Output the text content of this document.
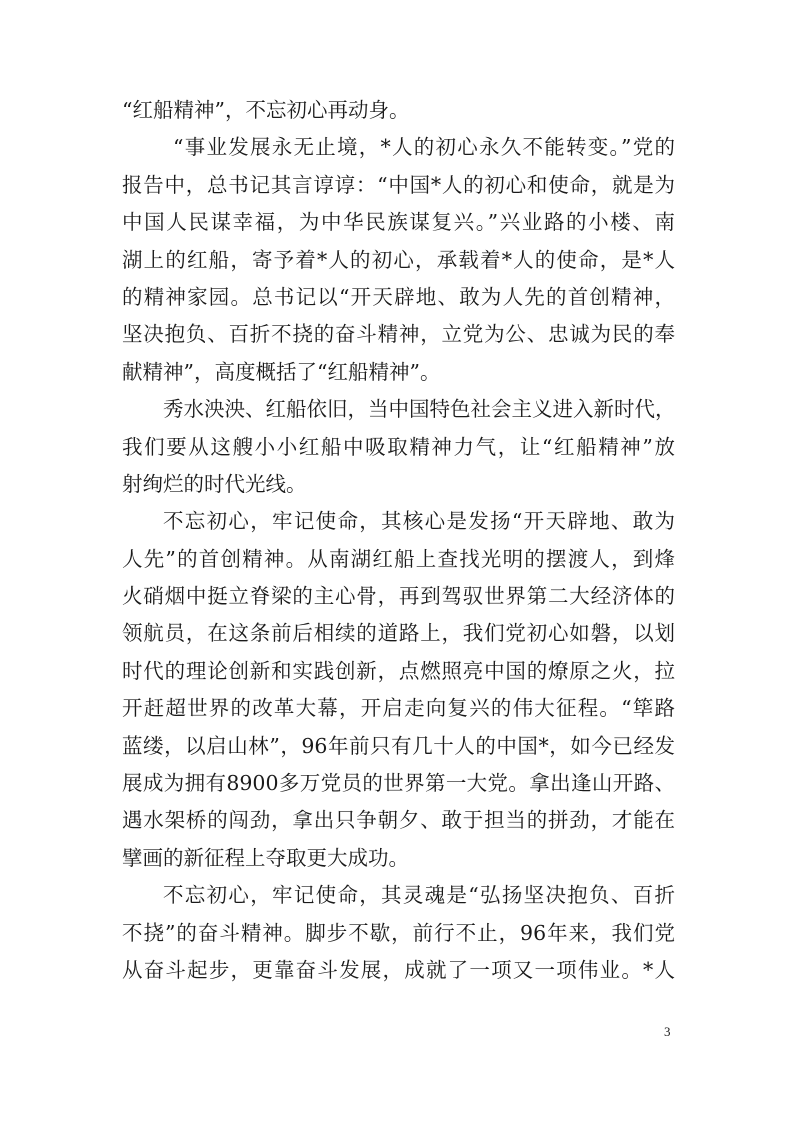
“红船精神”，不忘初心再动身。
“事业发展永无止境，*人的初心永久不能转变。”党的
报告中，总书记其言谆谆：“中国*人的初心和使命，就是为
中国人民谋幸福，为中华民族谋复兴。”兴业路的小楼、南
湖上的红船，寄予着*人的初心，承载着*人的使命，是*人
的精神家园。总书记以“开天辟地、敢为人先的首创精神，
坚决抱负、百折不挠的奋斗精神，立党为公、忠诚为民的奉
献精神”，高度概括了“红船精神”。
秀水泱泱、红船依旧，当中国特色社会主义进入新时代，
我们要从这艘小小红船中吸取精神力气，让“红船精神”放
射绚烂的时代光线。
不忘初心，牢记使命，其核心是发扬“开天辟地、敢为
人先”的首创精神。从南湖红船上查找光明的摆渡人，到烽
火硝烟中挺立脊梁的主心骨，再到驾驭世界第二大经济体的
领航员，在这条前后相续的道路上，我们党初心如磐，以划
时代的理论创新和实践创新，点燃照亮中国的燎原之火，拉
开赶超世界的改革大幕，开启走向复兴的伟大征程。“筚路
蓝缕，以启山林”，96年前只有几十人的中国*，如今已经发
展成为拥有8900多万党员的世界第一大党。拿出逢山开路、
遇水架桥的闯劲，拿出只争朝夕、敢于担当的拼劲，才能在
擘画的新征程上夺取更大成功。
不忘初心，牢记使命，其灵魂是“弘扬坚决抱负、百折
不挠”的奋斗精神。脚步不歇，前行不止，96年来，我们党
从奋斗起步，更靠奋斗发展，成就了一项又一项伟业。*人
3
